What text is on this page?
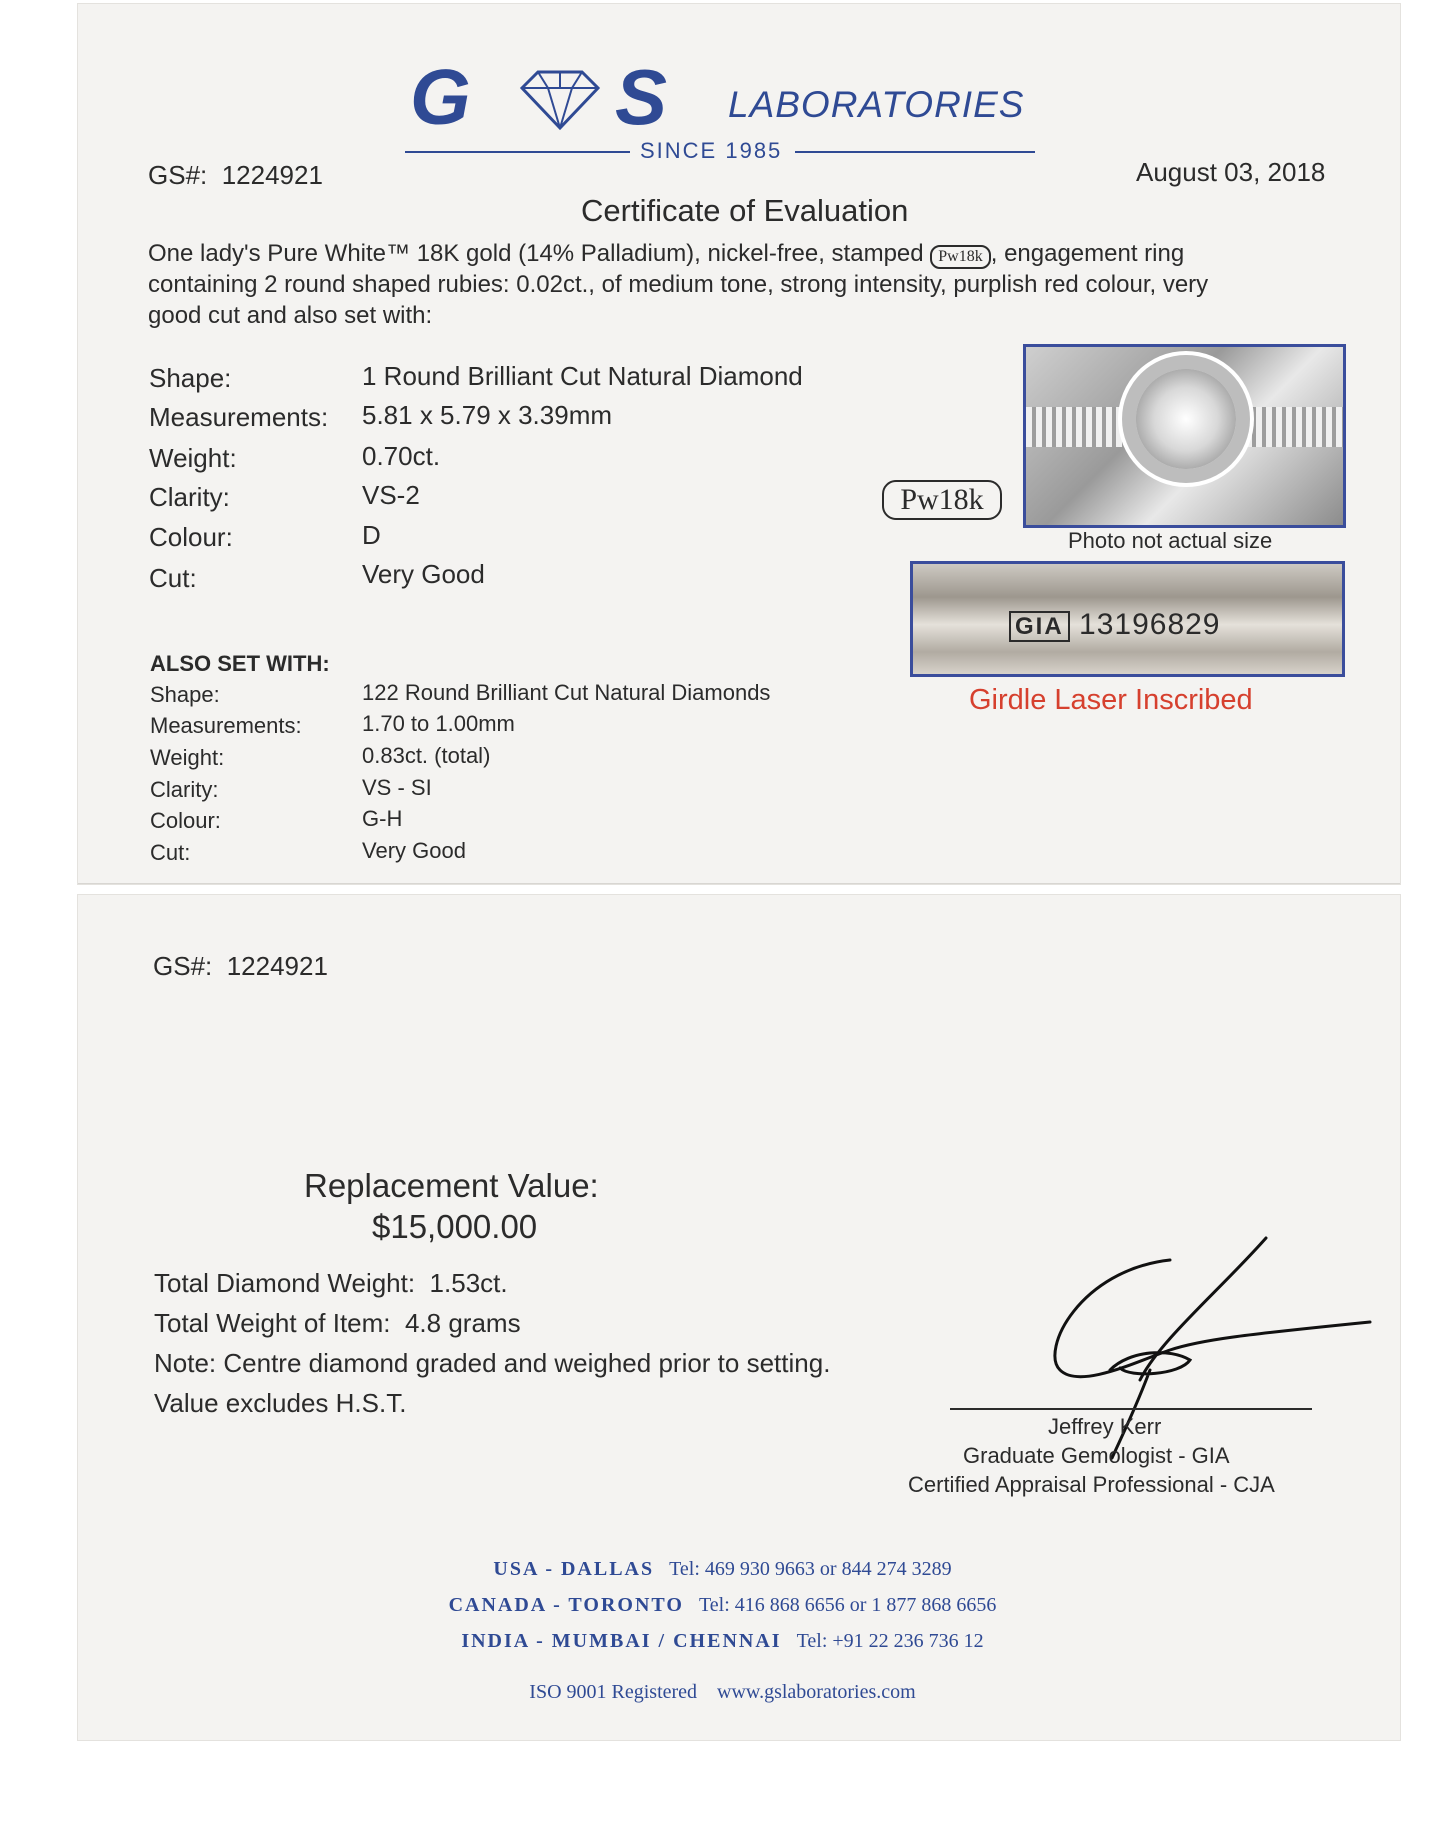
G S LABORATORIES
SINCE 1985
GS#: 1224921	August 03, 2018
Certificate of Evaluation
One lady's Pure White™ 18K gold (14% Palladium), nickel-free, stamped Pw18k , engagement ring
containing 2 round shaped rubies: 0.02ct., of medium tone, strong intensity, purplish red colour, very
good cut and also set with:
Shape:	1 Round Brilliant Cut Natural Diamond
Measurements: 5.81 x 5.79 x 3.39mm
Weight:	0.70ct.
Clarity:	VS-2
Colour:	D
Cut:	Very Good
ALSO SET WITH:
Shape:	122 Round Brilliant Cut Natural Diamonds
Measurements:	1.70 to 1.00mm
Weight:	0.83ct. (total)
Clarity:	VS - SI
Colour:	G-H
Cut:	Very Good
Pw18k
Photo not actual size
GIA 13196829
Girdle Laser Inscribed
GS#: 1224921
Replacement Value:
$15,000.00
Total Diamond Weight: 1.53ct.
Total Weight of Item: 4.8 grams
Note: Centre diamond graded and weighed prior to setting.
Value excludes H.S.T.
Jeffrey Kerr
Graduate Gemologist - GIA
Certified Appraisal Professional - CJA
USA - DALLAS Tel: 469 930 9663 or 844 274 3289
CANADA - TORONTO Tel: 416 868 6656 or 1 877 868 6656
INDIA - MUMBAI / CHENNAI Tel: +91 22 236 736 12
ISO 9001 Registered www.gslaboratories.com
